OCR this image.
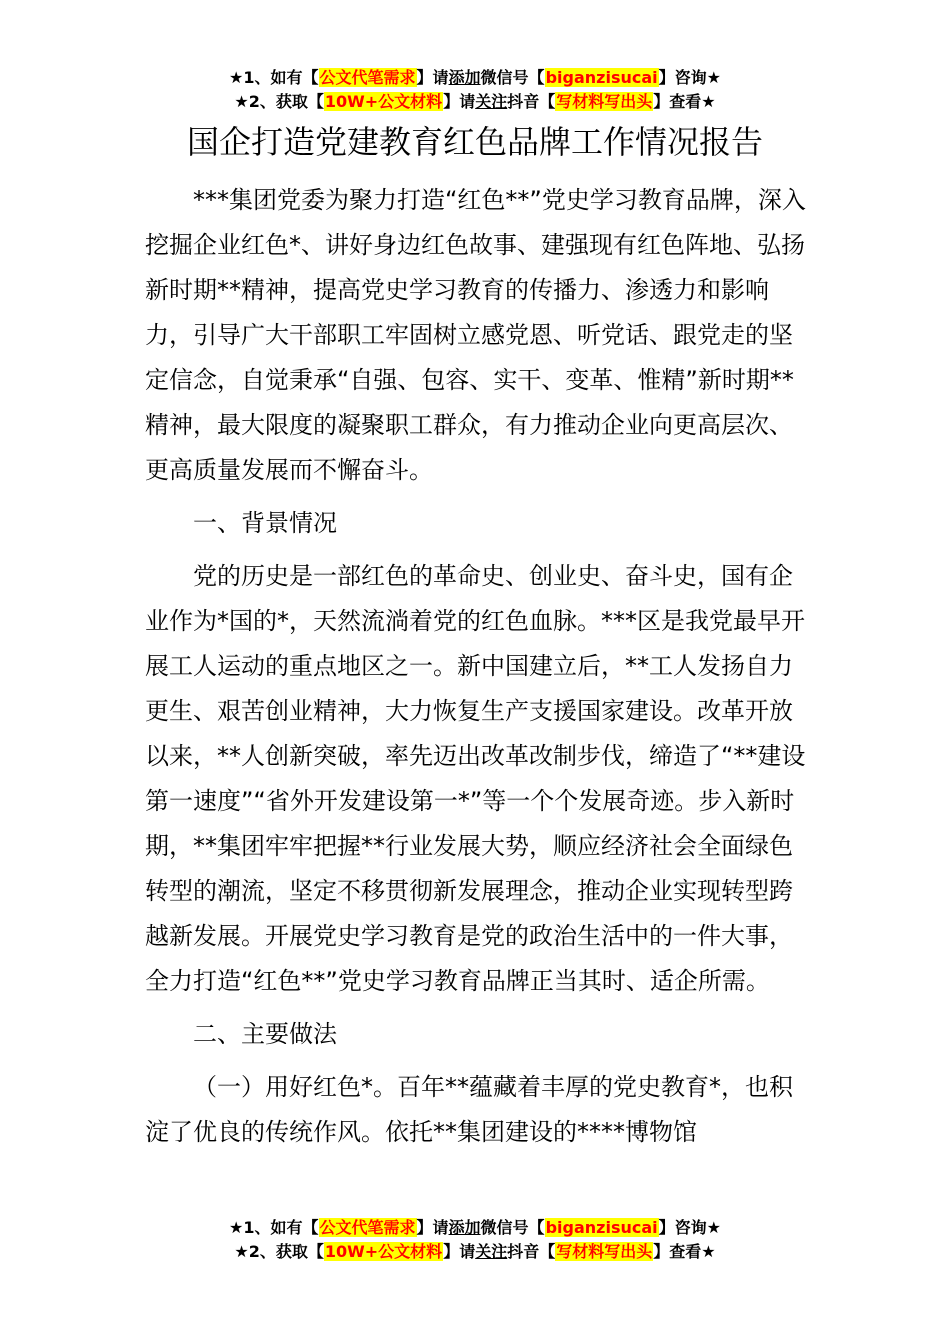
★1、如有【公文代笔需求】请添加微信号【biganzisucai】咨询★
★2、获取【10W+公文材料】请关注抖音【写材料写出头】查看★
国企打造党建教育红色品牌工作情况报告

***集团党委为聚力打造“红色**”党史学习教育品牌，深入挖掘企业红色*、讲好身边红色故事、建强现有红色阵地、弘扬新时期**精神，提高党史学习教育的传播力、渗透力和影响力，引导广大干部职工牢固树立感党恩、听党话、跟党走的坚定信念，自觉秉承“自强、包容、实干、变革、惟精”新时期**精神，最大限度的凝聚职工群众，有力推动企业向更高层次、更高质量发展而不懈奋斗。

一、背景情况

党的历史是一部红色的革命史、创业史、奋斗史，国有企业作为*国的*，天然流淌着党的红色血脉。***区是我党最早开展工人运动的重点地区之一。新中国建立后，**工人发扬自力更生、艰苦创业精神，大力恢复生产支援国家建设。改革开放以来，**人创新突破，率先迈出改革改制步伐，缔造了“**建设第一速度”“省外开发建设第一*”等一个个发展奇迹。步入新时期，**集团牢牢把握**行业发展大势，顺应经济社会全面绿色转型的潮流，坚定不移贯彻新发展理念，推动企业实现转型跨越新发展。开展党史学习教育是党的政治生活中的一件大事，全力打造“红色**”党史学习教育品牌正当其时、适企所需。

二、主要做法

（一）用好红色*。百年**蕴藏着丰厚的党史教育*，也积淀了优良的传统作风。依托**集团建设的****博物馆

★1、如有【公文代笔需求】请添加微信号【biganzisucai】咨询★
★2、获取【10W+公文材料】请关注抖音【写材料写出头】查看★
